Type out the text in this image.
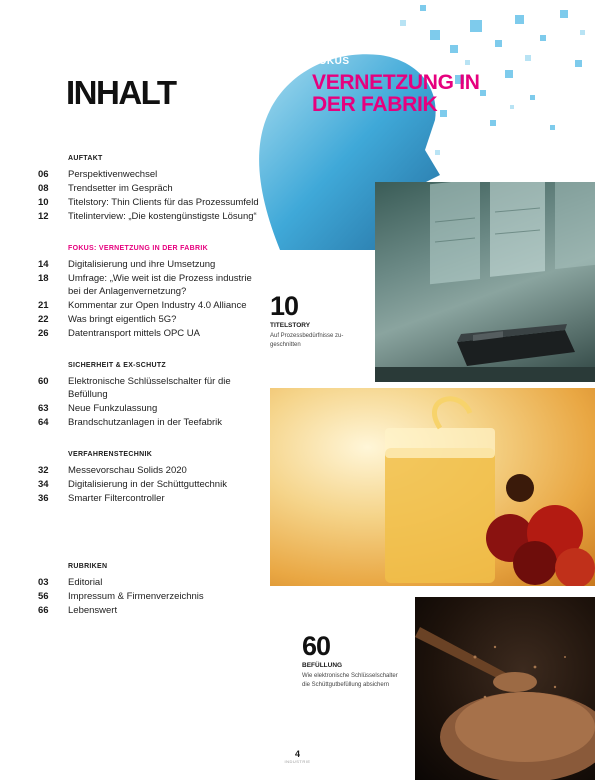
FOKUS
VERNETZUNG IN
DER FABRIK
INHALT
AUFTAKT
06	Perspektivenwechsel
08	Trendsetter im Gespräch
10	Titelstory: Thin Clients für das Prozessumfeld
12	Titelinterview: „Die kostengünstigste Lösung“
FOKUS: VERNETZUNG IN DER FABRIK
14	Digitalisierung und ihre Umsetzung
18	Umfrage: „Wie weit ist die Prozess industrie bei der Anlagenvernetzung?
21	Kommentar zur Open Industry 4.0 Alliance
22	Was bringt eigentlich 5G?
26	Datentransport mittels OPC UA
SICHERHEIT & EX-SCHUTZ
60	Elektronische Schlüsselschalter für die Befüllung
63	Neue Funkzulassung
64	Brandschutzanlagen in der Teefabrik
VERFAHRENSTECHNIK
32	Messevorschau Solids 2020
34	Digitalisierung in der Schüttguttechnik
36	Smarter Filtercontroller
RUBRIKEN
03	Editorial
56	Impressum & Firmenverzeichnis
66	Lebenswert
10
TITELSTORY
Auf Prozessbedürfnisse zu-
geschnitten
60
BEFÜLLUNG
Wie elektronische Schlüsselschalter
die Schüttgutbefüllung absichern
4
INDUSTRIE
